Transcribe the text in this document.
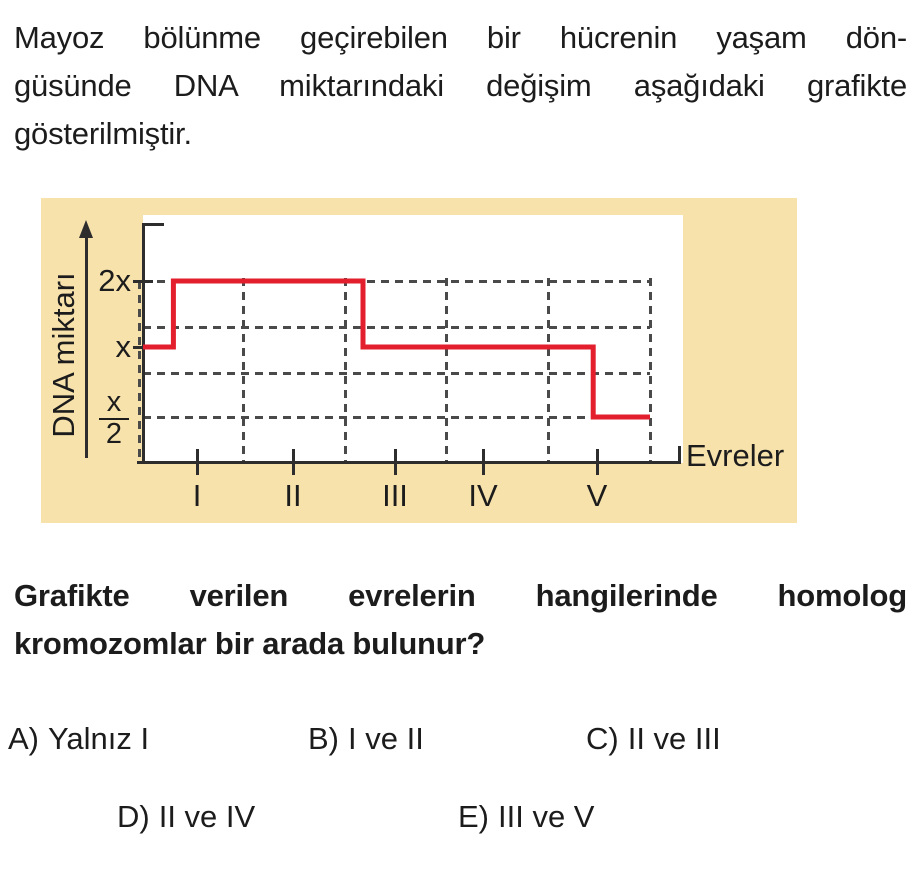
Mayoz bölünme geçirebilen bir hücrenin yaşam dön-
güsünde DNA miktarındaki değişim aşağıdaki grafikte
gösterilmiştir.
2x
x
$\frac{x}{2}$
DNA miktarı
Evreler
I	II	III	IV	V
Grafikte verilen evrelerin hangilerinde homolog
kromozomlar bir arada bulunur?
A) Yalnız I	B) I ve II	C) II ve III
D) II ve IV	E) III ve V
